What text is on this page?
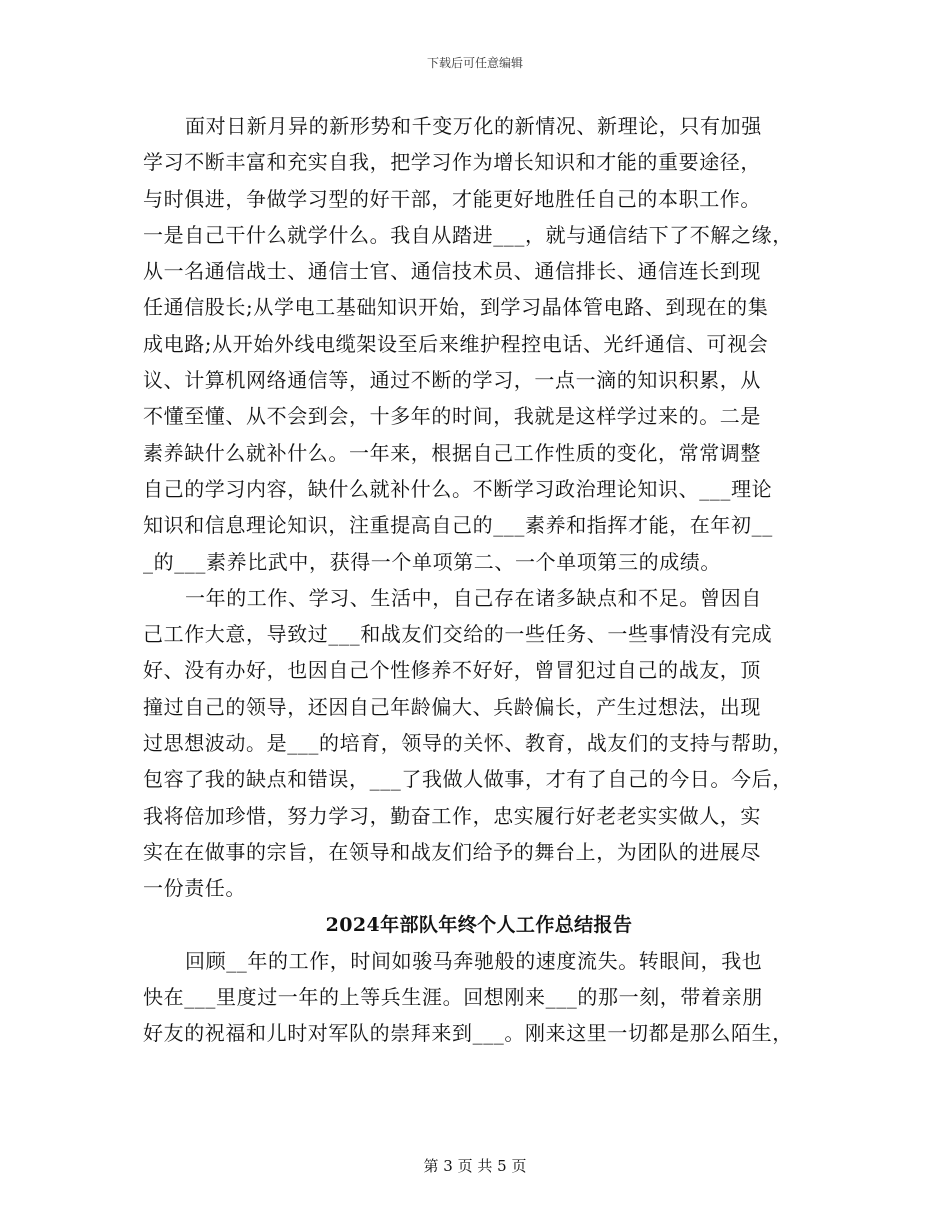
下载后可任意编辑
面对日新月异的新形势和千变万化的新情况、新理论，只有加强
学习不断丰富和充实自我，把学习作为增长知识和才能的重要途径，
与时俱进，争做学习型的好干部，才能更好地胜任自己的本职工作。
一是自己干什么就学什么。我自从踏进___，就与通信结下了不解之缘，
从一名通信战士、通信士官、通信技术员、通信排长、通信连长到现
任通信股长;从学电工基础知识开始，到学习晶体管电路、到现在的集
成电路;从开始外线电缆架设至后来维护程控电话、光纤通信、可视会
议、计算机网络通信等，通过不断的学习，一点一滴的知识积累，从
不懂至懂、从不会到会，十多年的时间，我就是这样学过来的。二是
素养缺什么就补什么。一年来，根据自己工作性质的变化，常常调整
自己的学习内容，缺什么就补什么。不断学习政治理论知识、___理论
知识和信息理论知识，注重提高自己的___素养和指挥才能，在年初__
_的___素养比武中，获得一个单项第二、一个单项第三的成绩。
一年的工作、学习、生活中，自己存在诸多缺点和不足。曾因自
己工作大意，导致过___和战友们交给的一些任务、一些事情没有完成
好、没有办好，也因自己个性修养不好好，曾冒犯过自己的战友，顶
撞过自己的领导，还因自己年龄偏大、兵龄偏长，产生过想法，出现
过思想波动。是___的培育，领导的关怀、教育，战友们的支持与帮助，
包容了我的缺点和错误，___了我做人做事，才有了自己的今日。今后，
我将倍加珍惜，努力学习，勤奋工作，忠实履行好老老实实做人，实
实在在做事的宗旨，在领导和战友们给予的舞台上，为团队的进展尽
一份责任。
2024年部队年终个人工作总结报告
回顾__年的工作，时间如骏马奔驰般的速度流失。转眼间，我也
快在___里度过一年的上等兵生涯。回想刚来___的那一刻，带着亲朋
好友的祝福和儿时对军队的崇拜来到___。刚来这里一切都是那么陌生，
第 3 页 共 5 页
